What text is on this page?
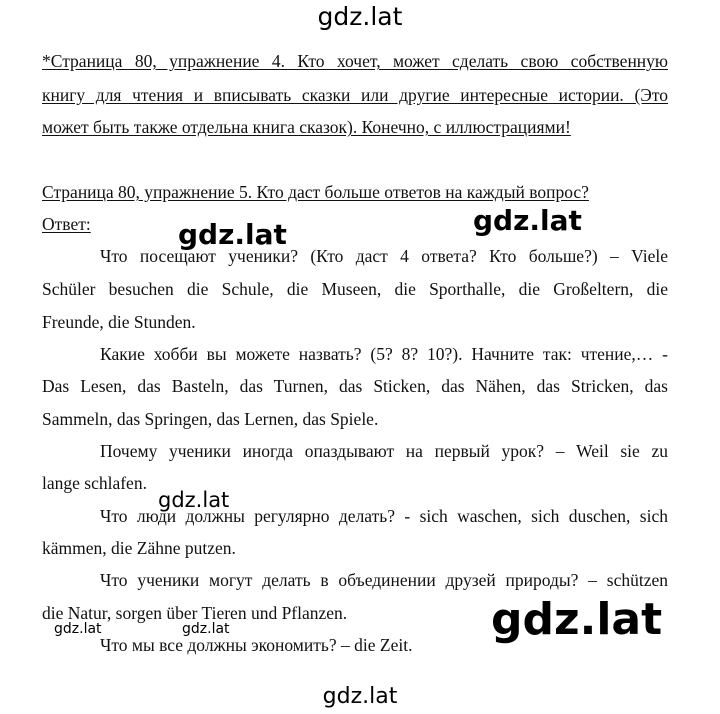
gdz.lat
*Страница 80, упражнение 4. Кто хочет, может сделать свою собственную
книгу для чтения и вписывать сказки или другие интересные истории. (Это
может быть также отдельна книга сказок). Конечно, с иллюстрациями!
Страница 80, упражнение 5. Кто даст больше ответов на каждый вопрос?
Ответ:
Что посещают ученики? (Кто даст 4 ответа? Кто больше?) – Viele
Schüler besuchen die Schule, die Museen, die Sporthalle, die Großeltern, die
Freunde, die Stunden.
Какие хобби вы можете назвать? (5? 8? 10?). Начните так: чтение,… -
Das Lesen, das Basteln, das Turnen, das Sticken, das Nähen, das Stricken, das
Sammeln, das Springen, das Lernen, das Spiele.
Почему ученики иногда опаздывают на первый урок? – Weil sie zu
lange schlafen.
Что люди должны регулярно делать? - sich waschen, sich duschen, sich
kämmen, die Zähne putzen.
Что ученики могут делать в объединении друзей природы? – schützen
die Natur, sorgen über Tieren und Pflanzen.
Что мы все должны экономить? – die Zeit.
gdz.lat	gdz.lat
gdz.lat
gdz.lat
gdz.lat	gdz.lat
gdz.lat
